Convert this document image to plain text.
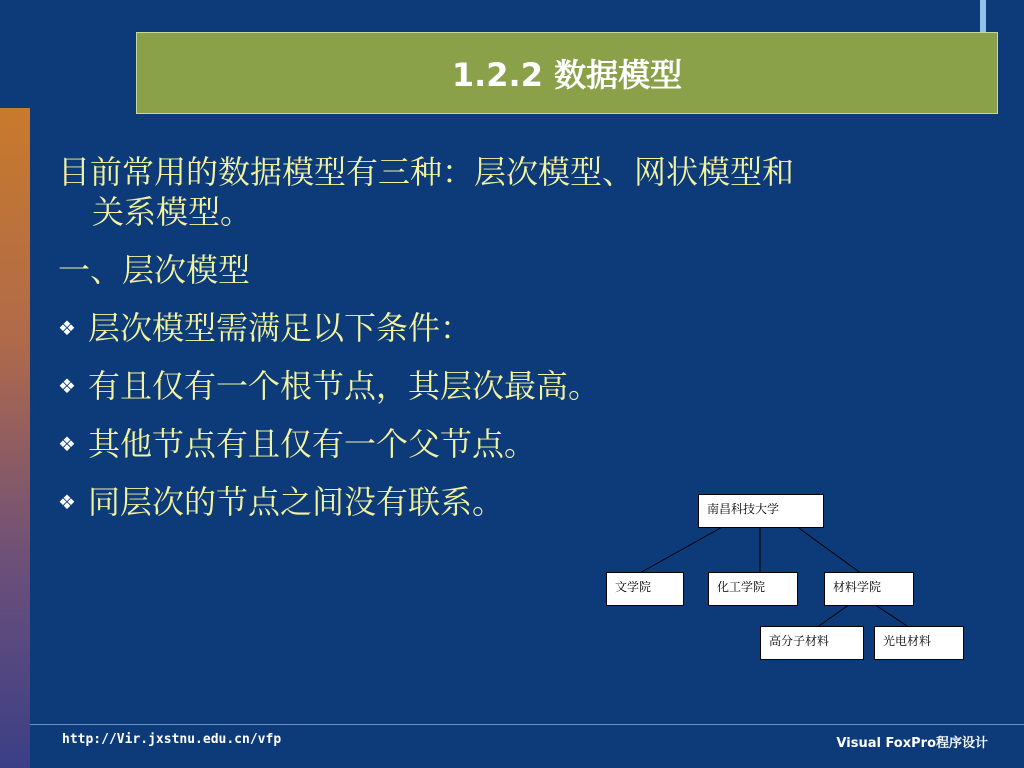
1.2.2 数据模型
目前常用的数据模型有三种：层次模型、网状模型和
关系模型。
一、层次模型
❖ 层次模型需满足以下条件：
❖ 有且仅有一个根节点，其层次最高。
❖ 其他节点有且仅有一个父节点。
❖ 同层次的节点之间没有联系。	南昌科技大学
文学院	化工学院	材料学院
高分子材料	光电材料
http://Vir.jxstnu.edu.cn/vfp	Visual FoxPro程序设计
